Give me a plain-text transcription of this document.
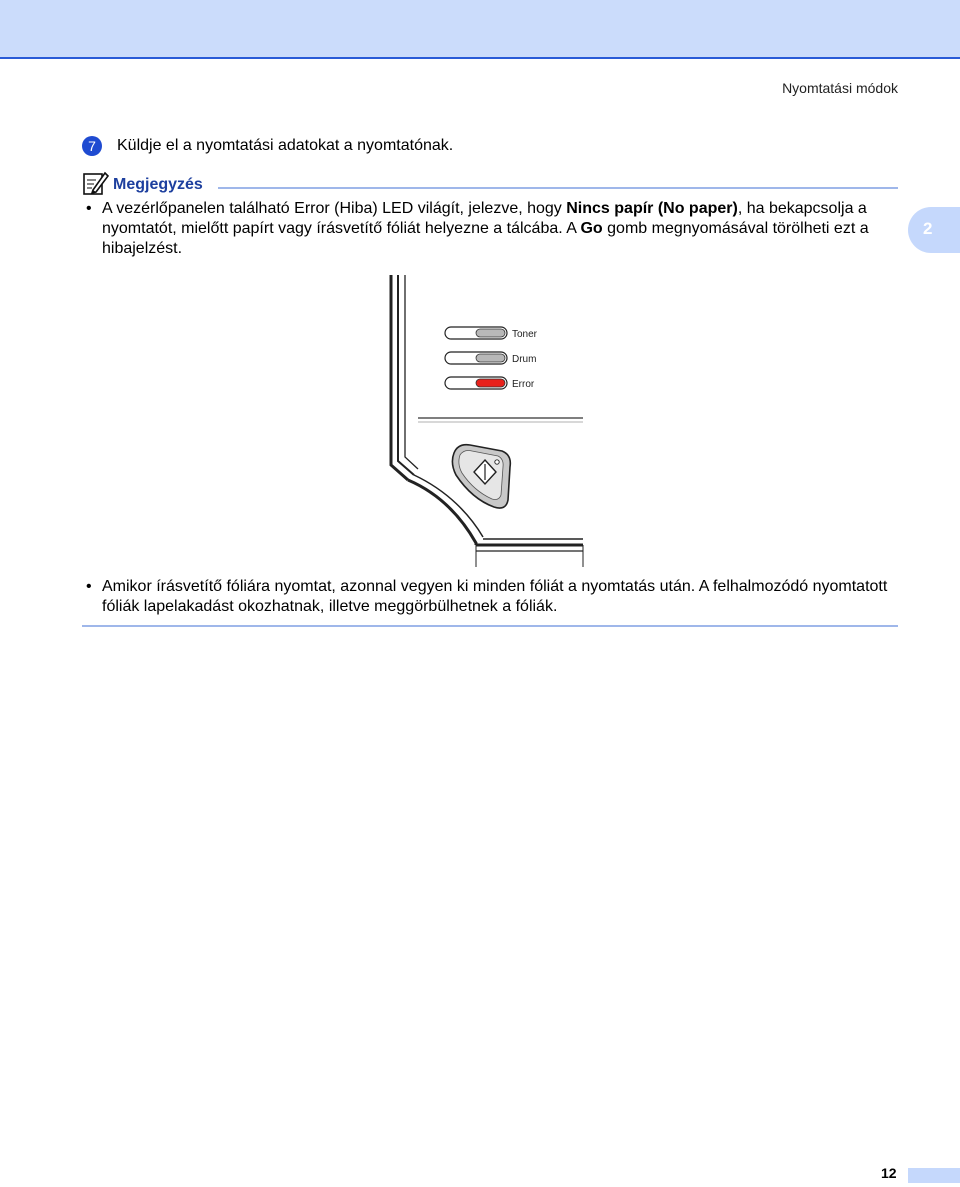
Nyomtatási módok
7	Küldje el a nyomtatási adatokat a nyomtatónak.
Megjegyzés
• A vezérlőpanelen található Error (Hiba) LED világít, jelezve, hogy Nincs papír (No paper), ha bekapcsolja a nyomtatót, mielőtt papírt vagy írásvetítő fóliát helyezne a tálcába. A Go gomb megnyomásával törölheti ezt a hibajelzést.
2
Toner
Drum
Error
• Amikor írásvetítő fóliára nyomtat, azonnal vegyen ki minden fóliát a nyomtatás után. A felhalmozódó nyomtatott fóliák lapelakadást okozhatnak, illetve meggörbülhetnek a fóliák.
12
